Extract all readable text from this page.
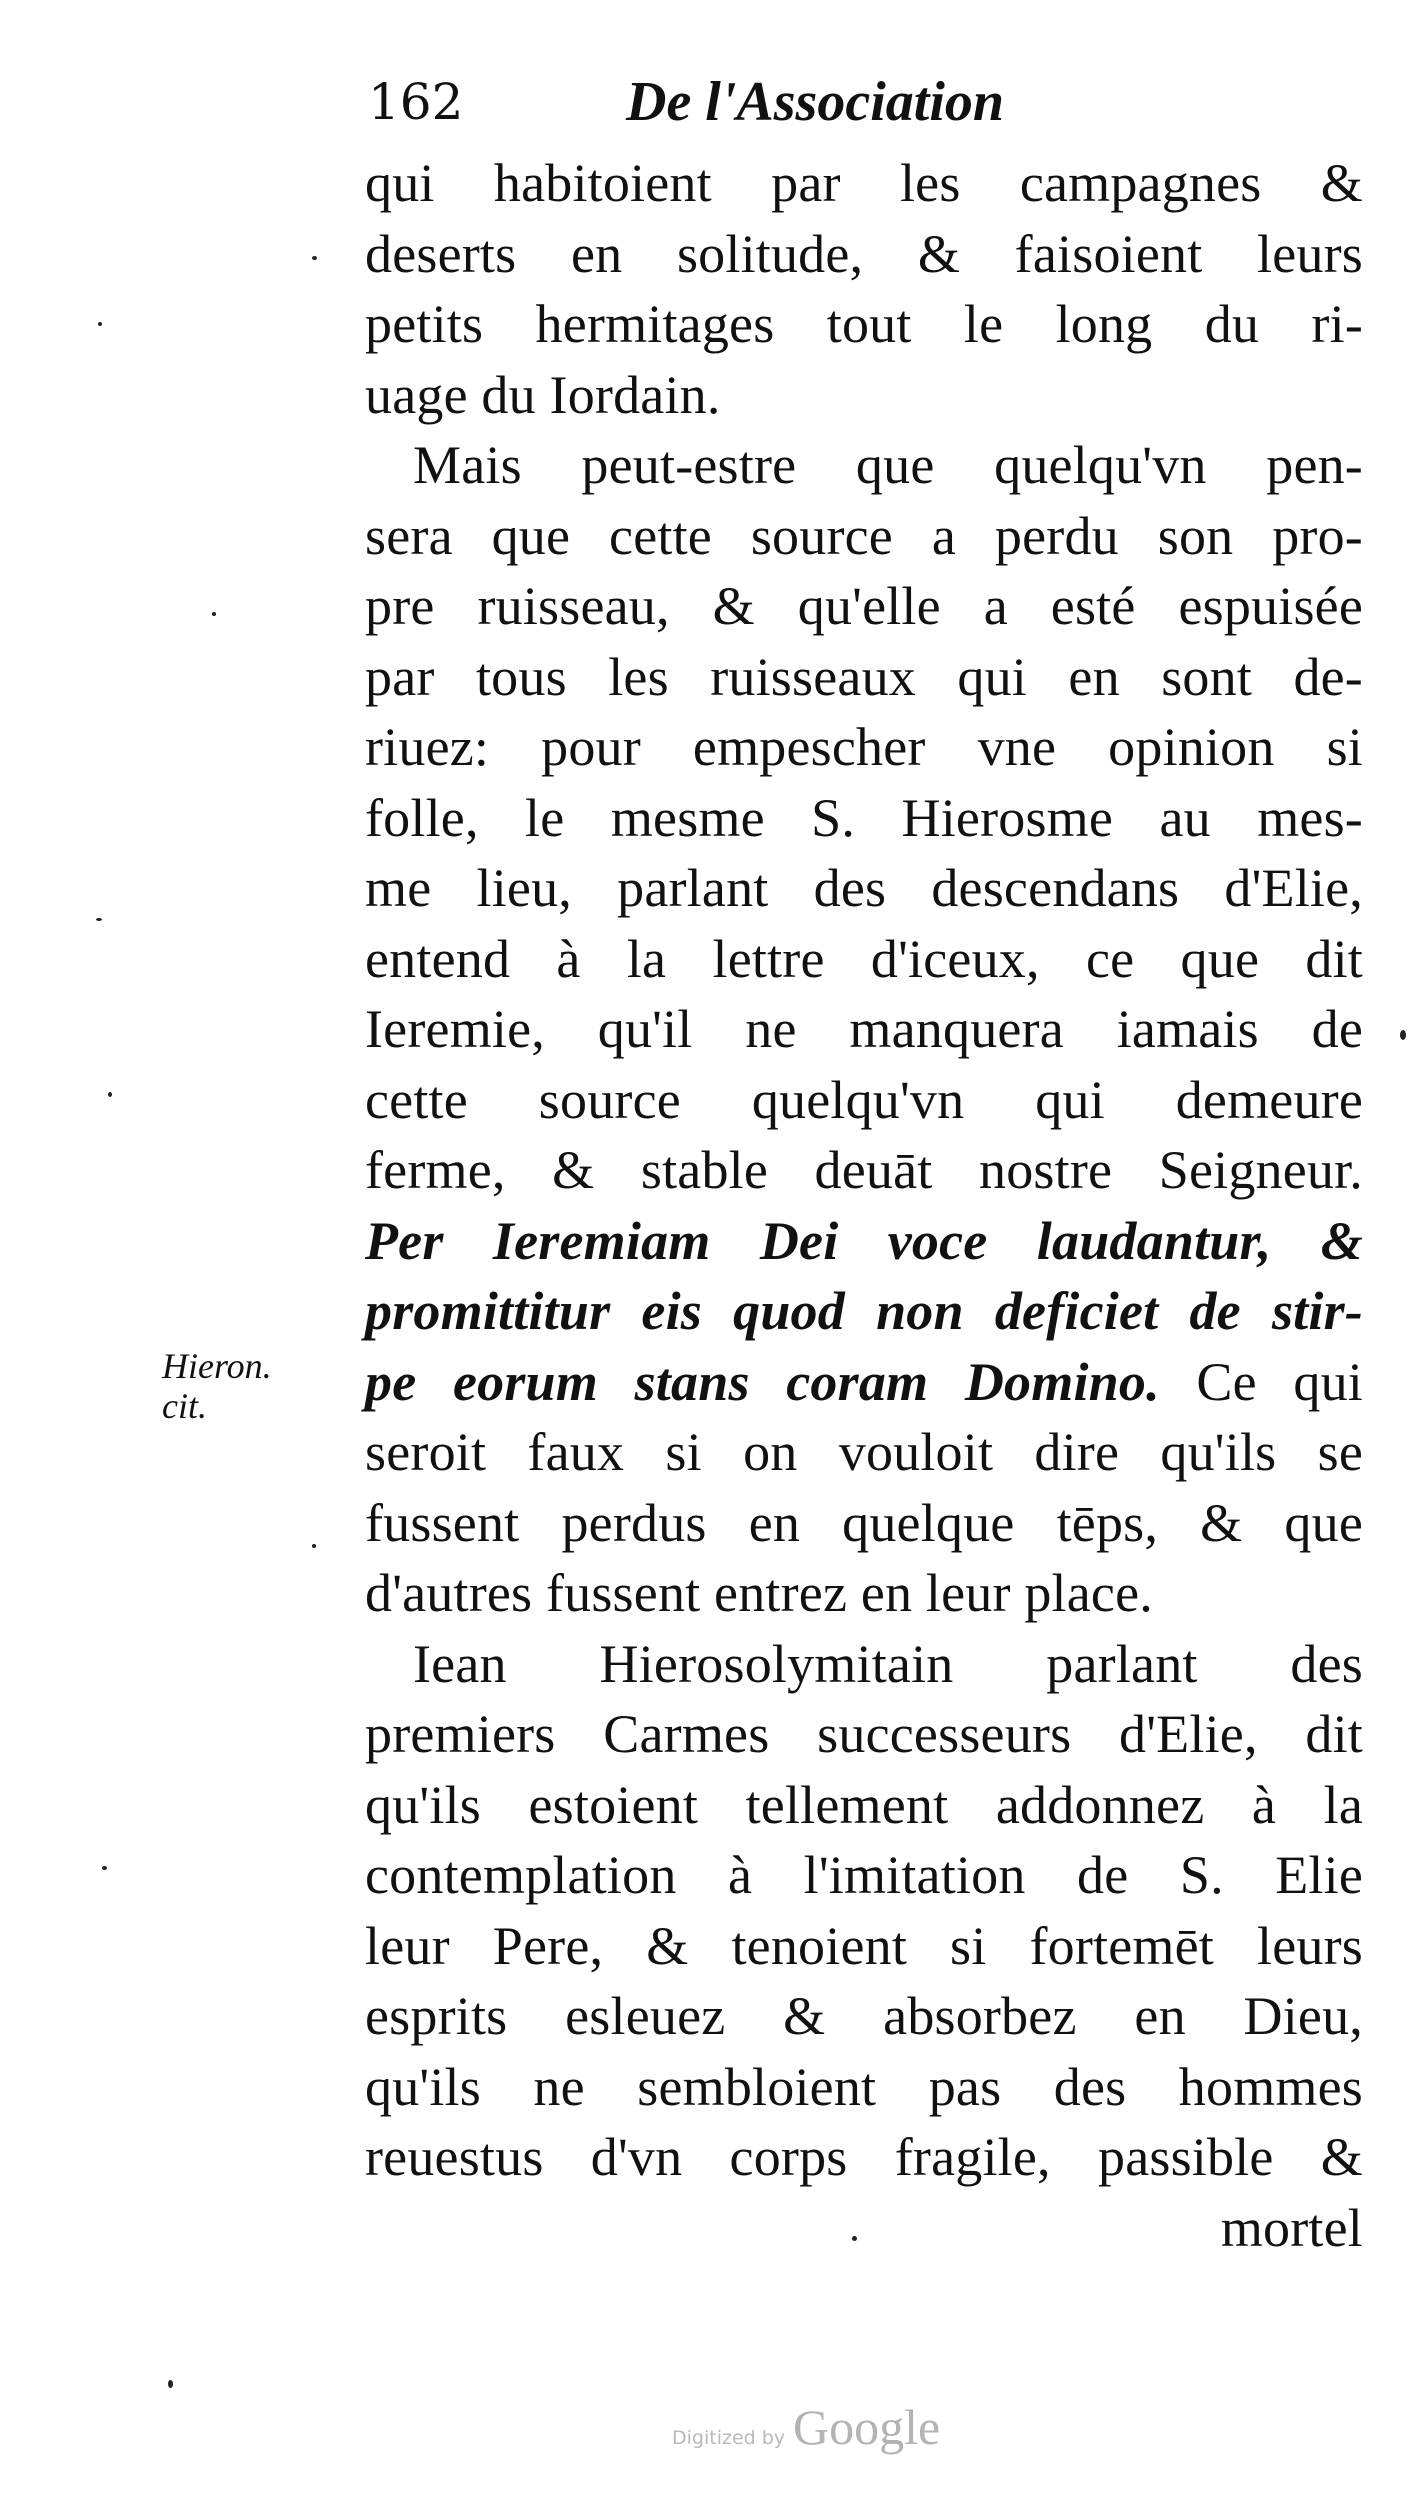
162	De l'Association
qui habitoient par les campagnes &
deserts en solitude, & faisoient leurs
petits hermitages tout le long du ri-
uage du Iordain.
Mais peut-estre que quelqu'vn pen-
sera que cette source a perdu son pro-
pre ruisseau, & qu'elle a esté espuisée
par tous les ruisseaux qui en sont de-
riuez: pour empescher vne opinion si
folle, le mesme S. Hierosme au mes-
me lieu, parlant des descendans d'Elie,
entend à la lettre d'iceux, ce que dit
Ieremie, qu'il ne manquera iamais de
cette source quelqu'vn qui demeure
ferme, & stable deuāt nostre Seigneur.
Per Ieremiam Dei voce laudantur, &
promittitur eis quod non deficiet de stir-
pe eorum stans coram Domino. Ce qui
seroit faux si on vouloit dire qu'ils se
fussent perdus en quelque tēps, & que
d'autres fussent entrez en leur place.
Iean Hierosolymitain parlant des
premiers Carmes successeurs d'Elie, dit
qu'ils estoient tellement addonnez à la
contemplation à l'imitation de S. Elie
leur Pere, & tenoient si fortemēt leurs
esprits esleuez & absorbez en Dieu,
qu'ils ne sembloient pas des hommes
reuestus d'vn corps fragile, passible &
mortel
Hieron.
cit.
Digitized by Google
